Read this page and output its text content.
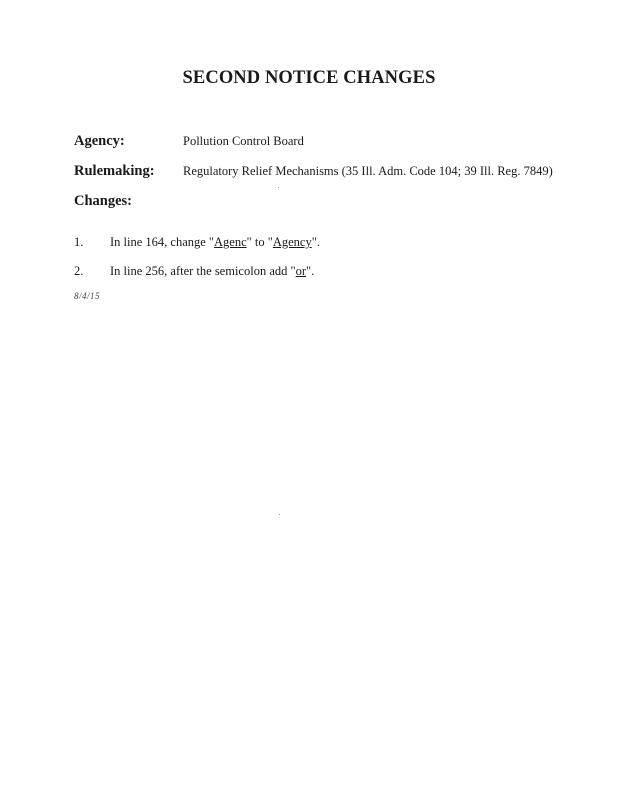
SECOND NOTICE CHANGES
Agency:	Pollution Control Board
Rulemaking: Regulatory Relief Mechanisms (35 Ill. Adm. Code 104; 39 Ill. Reg. 7849)
Changes:
1. In line 164, change "Agenc" to "Agency".
2. In line 256, after the semicolon add "or".
8/4/15
